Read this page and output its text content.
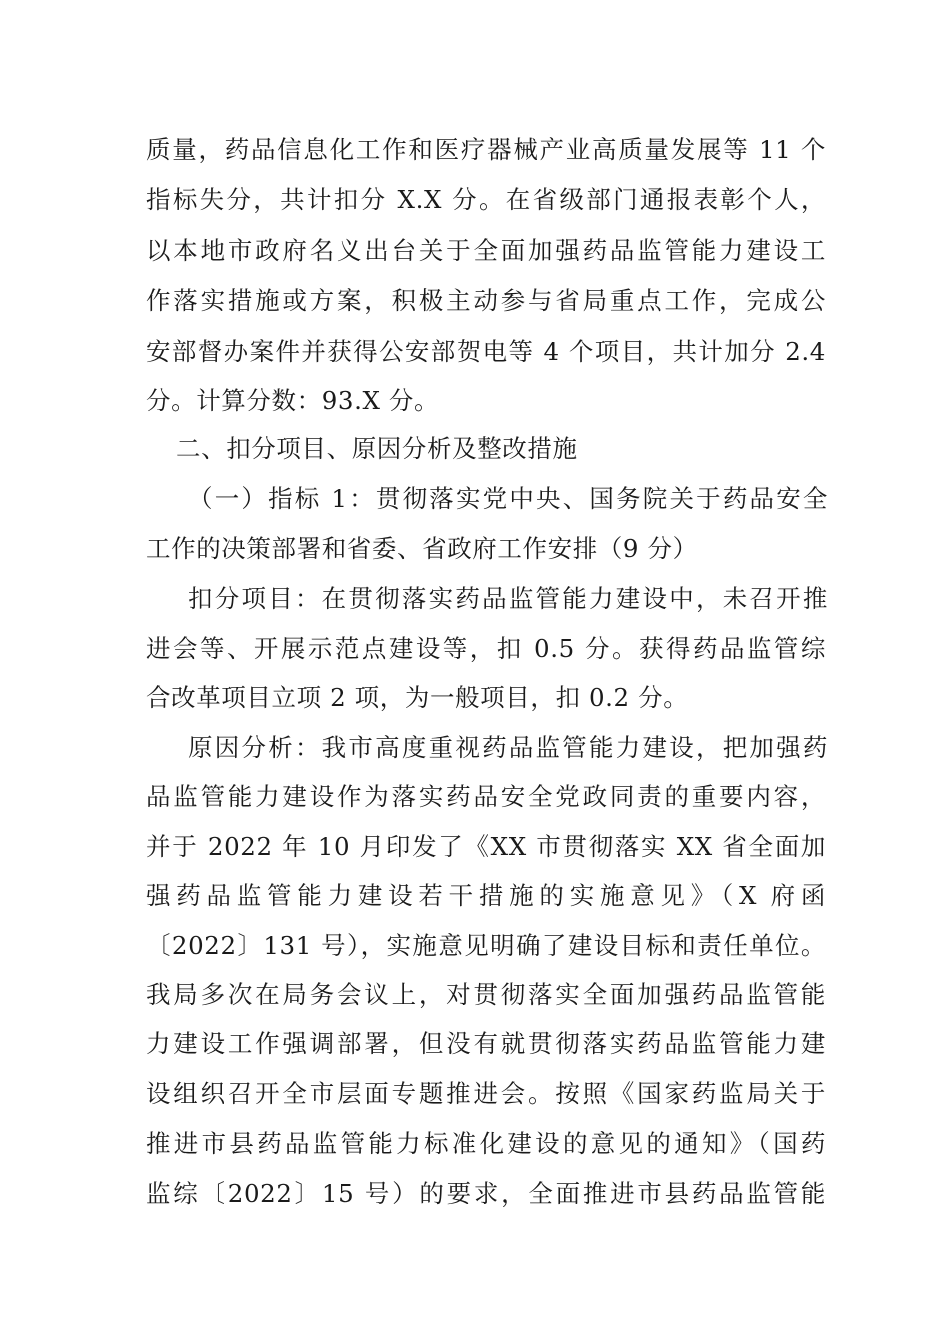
质量，药品信息化工作和医疗器械产业高质量发展等 11 个
指标失分，共计扣分 X.X 分。在省级部门通报表彰个人，
以本地市政府名义出台关于全面加强药品监管能力建设工
作落实措施或方案，积极主动参与省局重点工作，完成公
安部督办案件并获得公安部贺电等 4 个项目，共计加分 2.4
分。计算分数：93.X 分。
二、扣分项目、原因分析及整改措施
（一）指标 1：贯彻落实党中央、国务院关于药品安全
工作的决策部署和省委、省政府工作安排（9 分）
扣分项目：在贯彻落实药品监管能力建设中，未召开推
进会等、开展示范点建设等，扣 0.5 分。获得药品监管综
合改革项目立项 2 项，为一般项目，扣 0.2 分。
原因分析：我市高度重视药品监管能力建设，把加强药
品监管能力建设作为落实药品安全党政同责的重要内容，
并于 2022 年 10 月印发了《XX 市贯彻落实 XX 省全面加
强药品监管能力建设若干措施的实施意见》（X 府函
〔2022〕131 号），实施意见明确了建设目标和责任单位。
我局多次在局务会议上，对贯彻落实全面加强药品监管能
力建设工作强调部署，但没有就贯彻落实药品监管能力建
设组织召开全市层面专题推进会。按照《国家药监局关于
推进市县药品监管能力标准化建设的意见的通知》（国药
监综〔2022〕15 号）的要求，全面推进市县药品监管能
